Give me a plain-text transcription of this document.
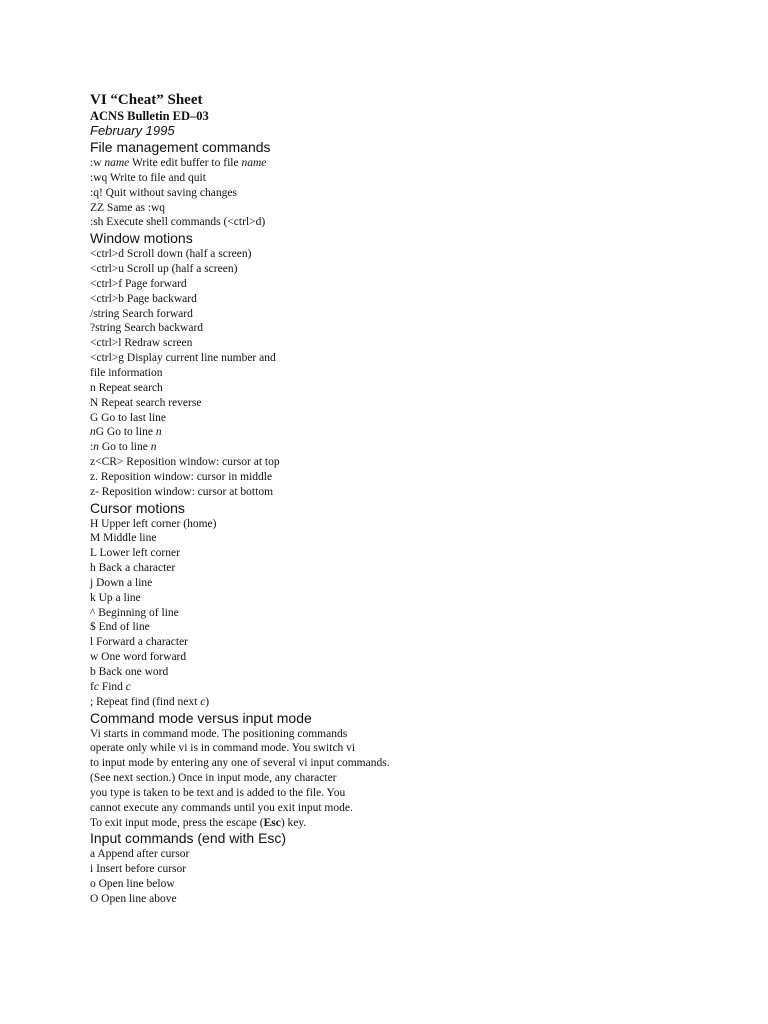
VI “Cheat” Sheet
ACNS Bulletin ED–03
February 1995
File management commands
:w name Write edit buffer to file name
:wq Write to file and quit
:q! Quit without saving changes
ZZ Same as :wq
:sh Execute shell commands (<ctrl>d)
Window motions
<ctrl>d Scroll down (half a screen)
<ctrl>u Scroll up (half a screen)
<ctrl>f Page forward
<ctrl>b Page backward
/string Search forward
?string Search backward
<ctrl>l Redraw screen
<ctrl>g Display current line number and
file information
n Repeat search
N Repeat search reverse
G Go to last line
nG Go to line n
:n Go to line n
z<CR> Reposition window: cursor at top
z. Reposition window: cursor in middle
z- Reposition window: cursor at bottom
Cursor motions
H Upper left corner (home)
M Middle line
L Lower left corner
h Back a character
j Down a line
k Up a line
^ Beginning of line
$ End of line
l Forward a character
w One word forward
b Back one word
fc Find c
; Repeat find (find next c)
Command mode versus input mode
Vi starts in command mode. The positioning commands
operate only while vi is in command mode. You switch vi
to input mode by entering any one of several vi input commands.
(See next section.) Once in input mode, any character
you type is taken to be text and is added to the file. You
cannot execute any commands until you exit input mode.
To exit input mode, press the escape (Esc) key.
Input commands (end with Esc)
a Append after cursor
i Insert before cursor
o Open line below
O Open line above
